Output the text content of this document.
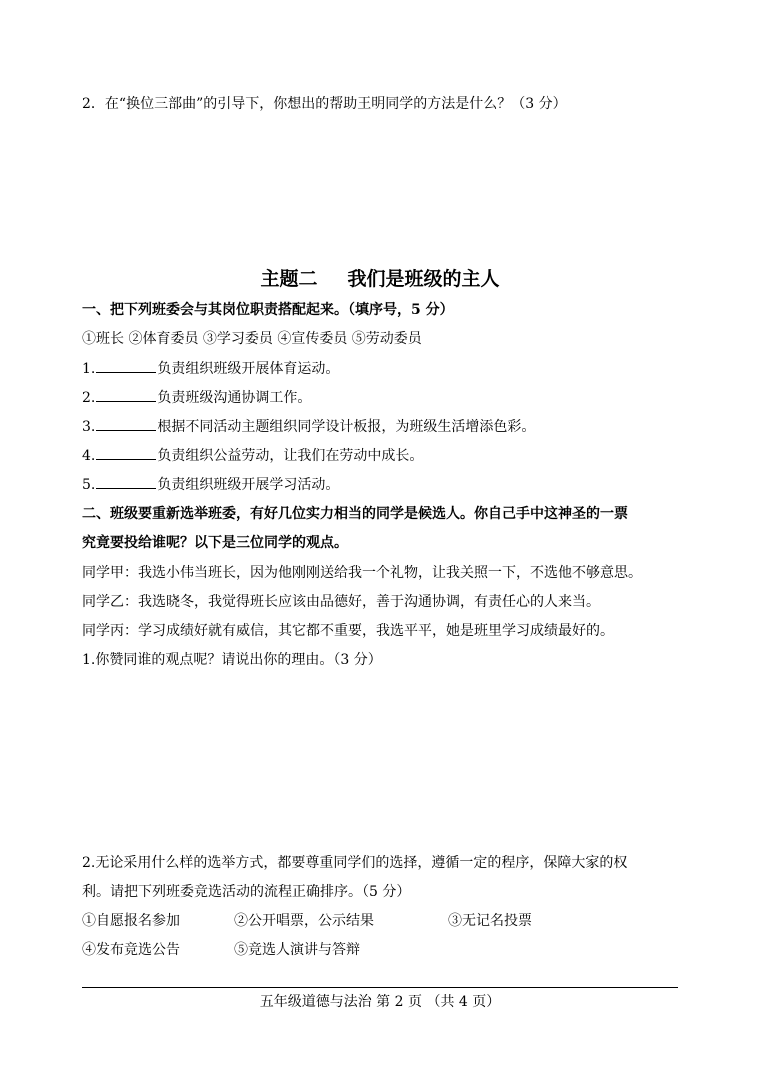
2．在“换位三部曲”的引导下，你想出的帮助王明同学的方法是什么？（3 分）
主题二 我们是班级的主人
一、把下列班委会与其岗位职责搭配起来。（填序号，5 分）
①班长 ②体育委员 ③学习委员 ④宣传委员 ⑤劳动委员
1.	负责组织班级开展体育运动。
2.	负责班级沟通协调工作。
3.	根据不同活动主题组织同学设计板报，为班级生活增添色彩。
4.	负责组织公益劳动，让我们在劳动中成长。
5.	负责组织班级开展学习活动。
二、班级要重新选举班委，有好几位实力相当的同学是候选人。你自己手中这神圣的一票
究竟要投给谁呢？以下是三位同学的观点。
同学甲：我选小伟当班长，因为他刚刚送给我一个礼物，让我关照一下，不选他不够意思。
同学乙：我选晓冬，我觉得班长应该由品德好，善于沟通协调，有责任心的人来当。
同学丙：学习成绩好就有威信，其它都不重要，我选平平，她是班里学习成绩最好的。
1.你赞同谁的观点呢？请说出你的理由。（3 分）
2.无论采用什么样的选举方式，都要尊重同学们的选择，遵循一定的程序，保障大家的权
利。请把下列班委竞选活动的流程正确排序。（5 分）
①自愿报名参加	②公开唱票，公示结果	③无记名投票
④发布竞选公告	⑤竞选人演讲与答辩
五年级道德与法治 第 2 页 （共 4 页）
